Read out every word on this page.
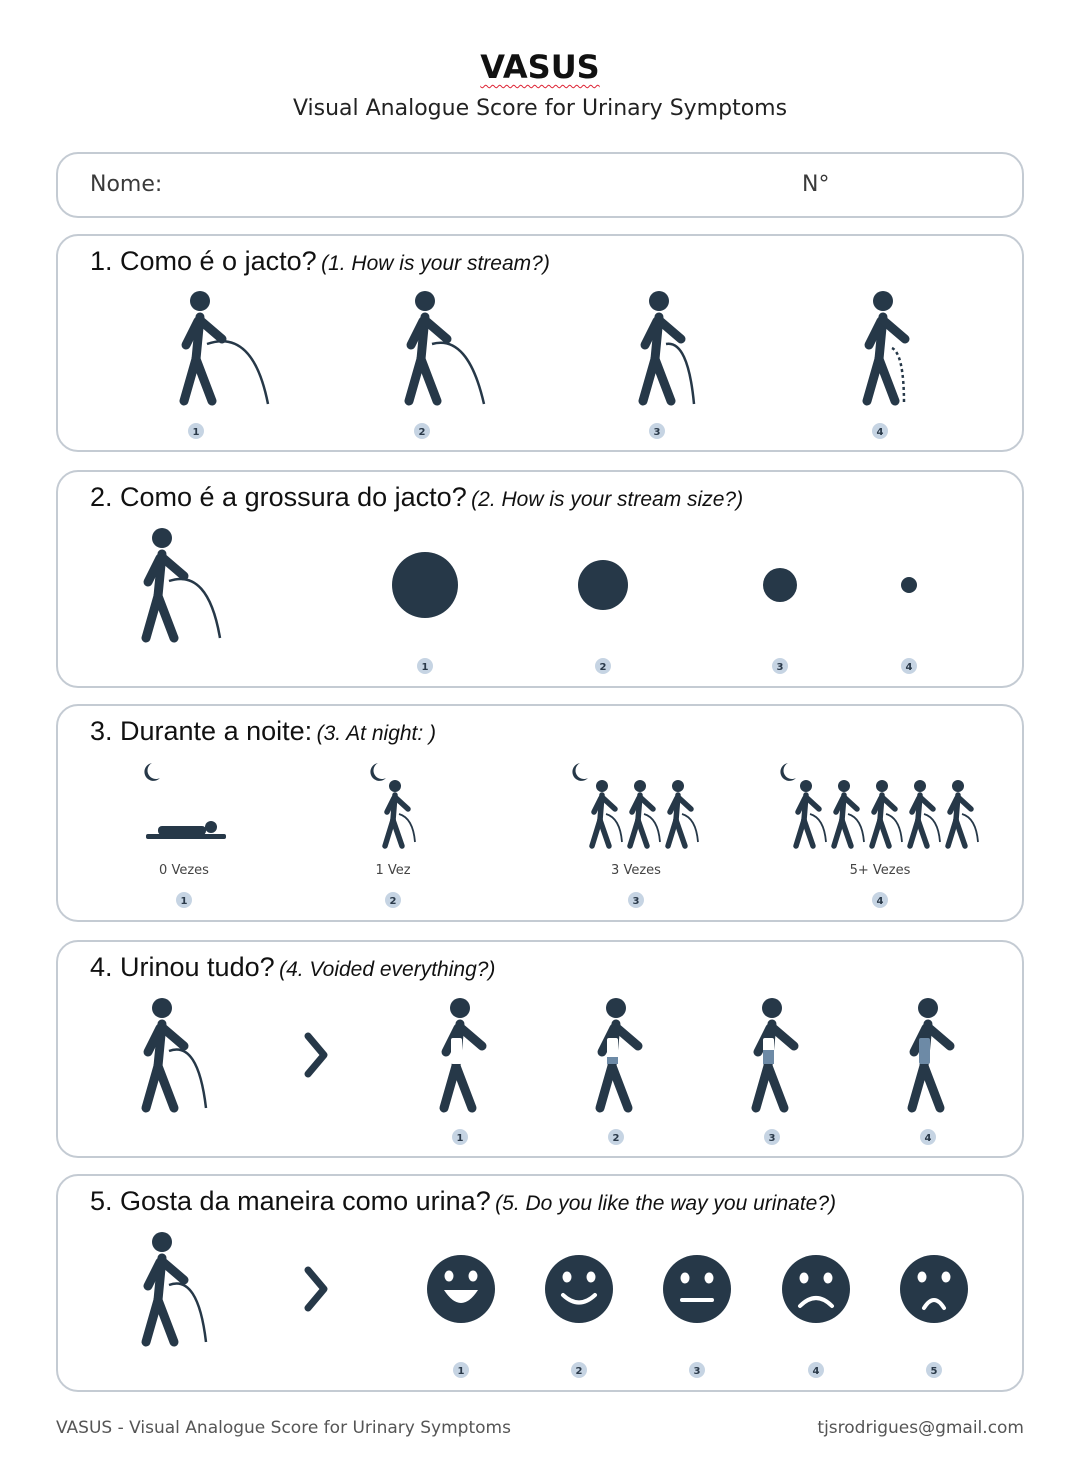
VASUS
Visual Analogue Score for Urinary Symptoms
Nome:	N°
1. Como é o jacto? (1. How is your stream?)
1	2	3	4
2. Como é a grossura do jacto? (2. How is your stream size?)
1	2	3	4
3. Durante a noite: (3. At night: )
0 Vezes	1 Vez	3 Vezes	5+ Vezes
1	2	3	4
4. Urinou tudo? (4. Voided everything?)
1	2	3	4
5. Gosta da maneira como urina? (5. Do you like the way you urinate?)
1	2	3	4	5
VASUS - Visual Analogue Score for Urinary Symptoms	tjsrodrigues@gmail.com
